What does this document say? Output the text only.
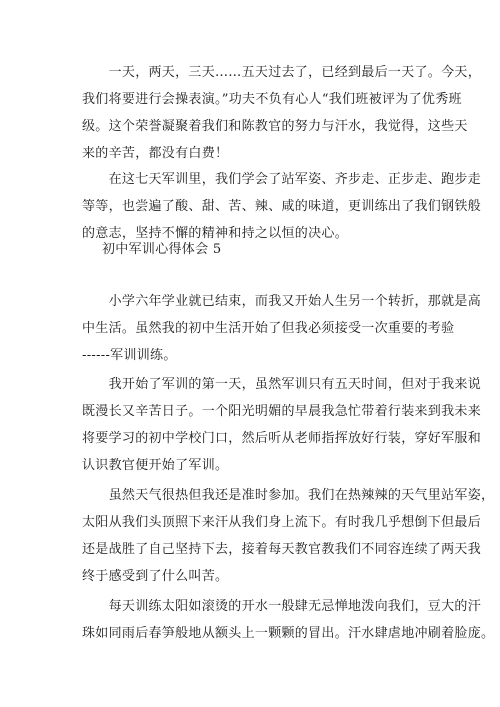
　　一天，两天，三天……五天过去了，已经到最后一天了。今天，
我们将要进行会操表演。”功夫不负有心人“我们班被评为了优秀班
级。这个荣誉凝聚着我们和陈教官的努力与汗水，我觉得，这些天
来的辛苦，都没有白费！
　　在这七天军训里，我们学会了站军姿、齐步走、正步走、跑步走
等等，也尝遍了酸、甜、苦、辣、咸的味道，更训练出了我们钢铁般
的意志，坚持不懈的精神和持之以恒的决心。
初中军训心得体会 5
　　小学六年学业就已结束，而我又开始人生另一个转折，那就是高
中生活。虽然我的初中生活开始了但我必须接受一次重要的考验
------军训训练。
　　我开始了军训的第一天，虽然军训只有五天时间，但对于我来说
既漫长又辛苦日子。一个阳光明媚的早晨我急忙带着行装来到我未来
将要学习的初中学校门口，然后听从老师指挥放好行装，穿好军服和
认识教官便开始了军训。
　　虽然天气很热但我还是准时参加。我们在热辣辣的天气里站军姿，
太阳从我们头顶照下来汗从我们身上流下。有时我几乎想倒下但最后
还是战胜了自己坚持下去，接着每天教官教我们不同容连续了两天我
终于感受到了什么叫苦。
　　每天训练太阳如滚烫的开水一般肆无忌惮地泼向我们，豆大的汗
珠如同雨后春笋般地从额头上一颗颗的冒出。汗水肆虐地冲刷着脸庞。
